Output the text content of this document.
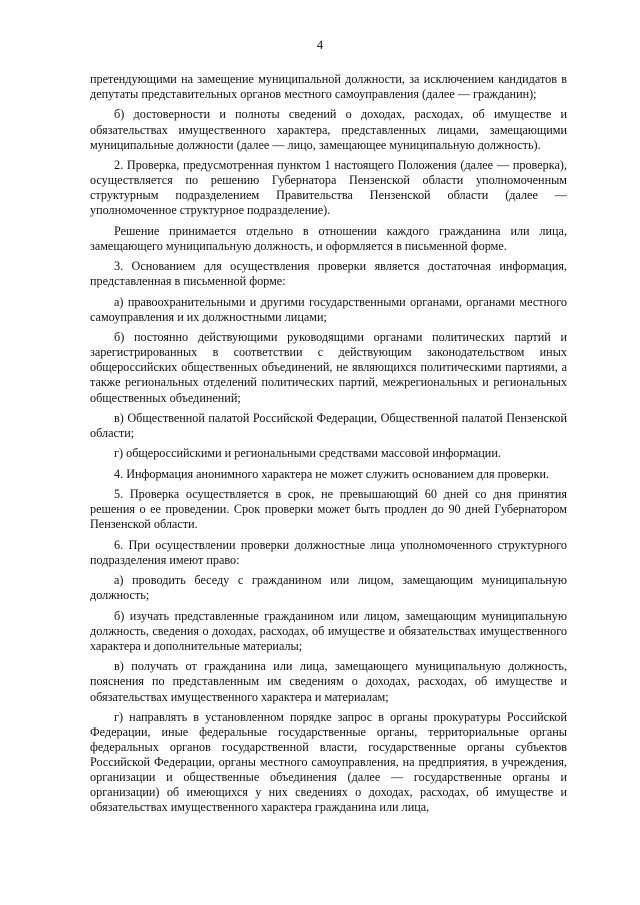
4

претендующими на замещение муниципальной должности, за исключением кандидатов в депутаты представительных органов местного самоуправления (далее — гражданин);

б) достоверности и полноты сведений о доходах, расходах, об имуществе и обязательствах имущественного характера, представленных лицами, замещающими муниципальные должности (далее — лицо, замещающее муниципальную должность).

2. Проверка, предусмотренная пунктом 1 настоящего Положения (далее — проверка), осуществляется по решению Губернатора Пензенской области уполномоченным структурным подразделением Правительства Пензенской области (далее — уполномоченное структурное подразделение).

Решение принимается отдельно в отношении каждого гражданина или лица, замещающего муниципальную должность, и оформляется в письменной форме.

3. Основанием для осуществления проверки является достаточная информация, представленная в письменной форме:

а) правоохранительными и другими государственными органами, органами местного самоуправления и их должностными лицами;

б) постоянно действующими руководящими органами политических партий и зарегистрированных в соответствии с действующим законодательством иных общероссийских общественных объединений, не являющихся политическими партиями, а также региональных отделений политических партий, межрегиональных и региональных общественных объединений;

в) Общественной палатой Российской Федерации, Общественной палатой Пензенской области;

г) общероссийскими и региональными средствами массовой информации.

4. Информация анонимного характера не может служить основанием для проверки.

5. Проверка осуществляется в срок, не превышающий 60 дней со дня принятия решения о ее проведении. Срок проверки может быть продлен до 90 дней Губернатором Пензенской области.

6. При осуществлении проверки должностные лица уполномоченного структурного подразделения имеют право:

а) проводить беседу с гражданином или лицом, замещающим муниципальную должность;

б) изучать представленные гражданином или лицом, замещающим муниципальную должность, сведения о доходах, расходах, об имуществе и обязательствах имущественного характера и дополнительные материалы;

в) получать от гражданина или лица, замещающего муниципальную должность, пояснения по представленным им сведениям о доходах, расходах, об имуществе и обязательствах имущественного характера и материалам;

г) направлять в установленном порядке запрос в органы прокуратуры Российской Федерации, иные федеральные государственные органы, территориальные органы федеральных органов государственной власти, государственные органы субъектов Российской Федерации, органы местного самоуправления, на предприятия, в учреждения, организации и общественные объединения (далее — государственные органы и организации) об имеющихся у них сведениях о доходах, расходах, об имуществе и обязательствах имущественного характера гражданина или лица,
